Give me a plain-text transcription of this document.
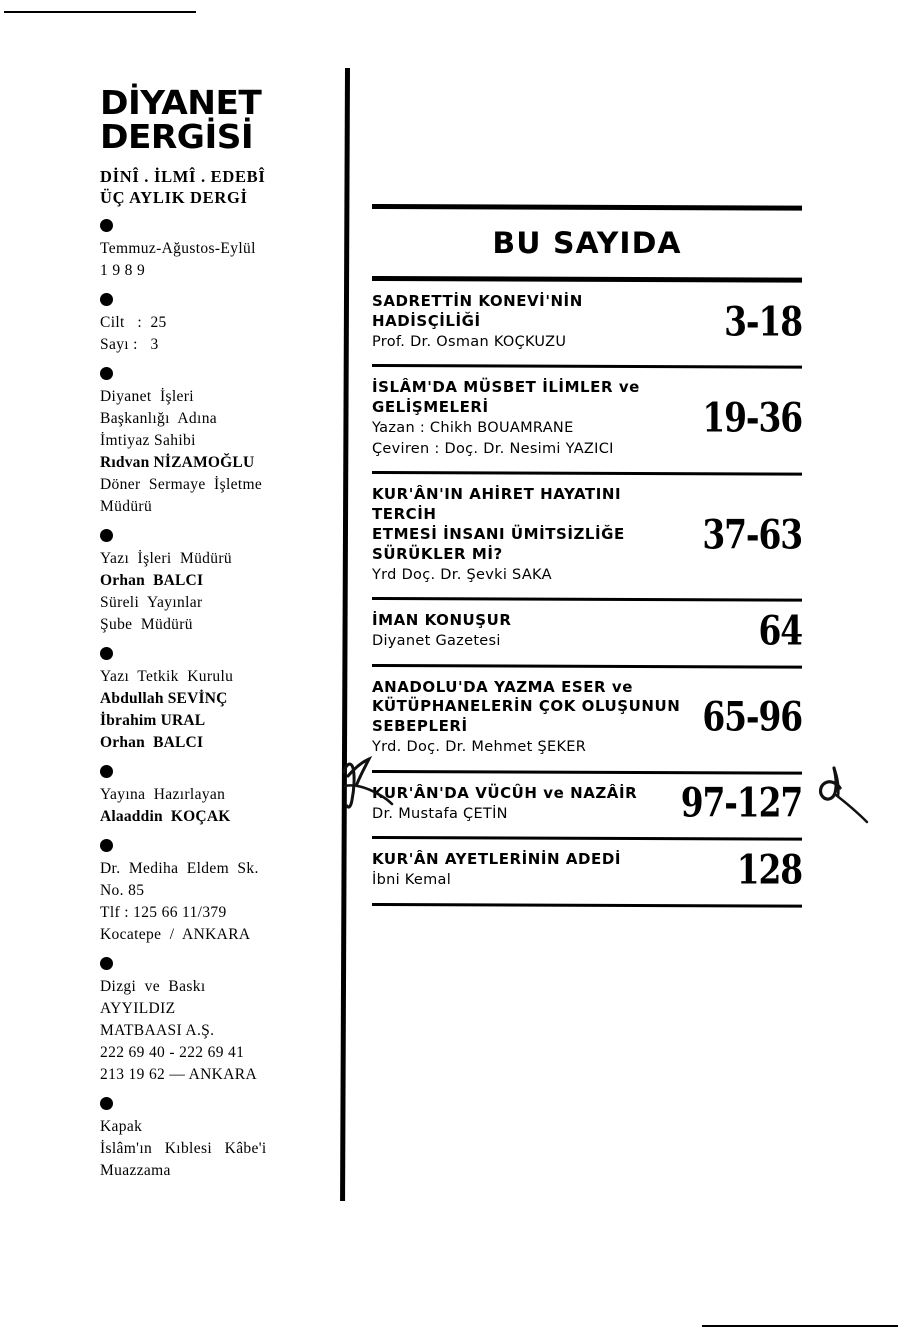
DİYANET
DERGİSİ
DİNÎ . İLMÎ . EDEBÎ
ÜÇ AYLIK DERGİ
Temmuz-Ağustos-Eylül
1 9 8 9
Cilt   :  25
Sayı :   3
Diyanet  İşleri
Başkanlığı  Adına
İmtiyaz Sahibi
Rıdvan NİZAMOĞLU
Döner  Sermaye  İşletme
Müdürü
Yazı  İşleri  Müdürü
Orhan  BALCI
Süreli  Yayınlar
Şube  Müdürü
Yazı  Tetkik  Kurulu
Abdullah SEVİNÇ
İbrahim URAL
Orhan  BALCI
Yayına  Hazırlayan
Alaaddin  KOÇAK
Dr.  Mediha  Eldem  Sk.
No. 85
Tlf : 125 66 11/379
Kocatepe  /  ANKARA
Dizgi  ve  Baskı
AYYILDIZ
MATBAASI A.Ş.
222 69 40 - 222 69 41
213 19 62 — ANKARA
Kapak
İslâm'ın   Kıblesi   Kâbe'i
Muazzama
BU SAYIDA
SADRETTİN KONEVİ'NİN HADİSÇİLİĞİ
Prof. Dr. Osman KOÇKUZU	3-18
İSLÂM'DA MÜSBET İLİMLER ve
GELİŞMELERİ
Yazan : Chikh BOUAMRANE
Çeviren : Doç. Dr. Nesimi YAZICI
19-36
KUR'ÂN'IN AHİRET HAYATINI TERCİH
ETMESİ İNSANI ÜMİTSİZLİĞE
SÜRÜKLER Mİ?
Yrd Doç. Dr. Şevki SAKA
37-63
İMAN KONUŞUR
Diyanet Gazetesi	64
ANADOLU'DA YAZMA ESER ve
KÜTÜPHANELERİN ÇOK OLUŞUNUN
SEBEPLERİ
Yrd. Doç. Dr. Mehmet ŞEKER
65-96
KUR'ÂN'DA VÜCÛH ve NAZÂİR
Dr. Mustafa ÇETİN	97-127
KUR'ÂN AYETLERİNİN ADEDİ
İbni Kemal	128
